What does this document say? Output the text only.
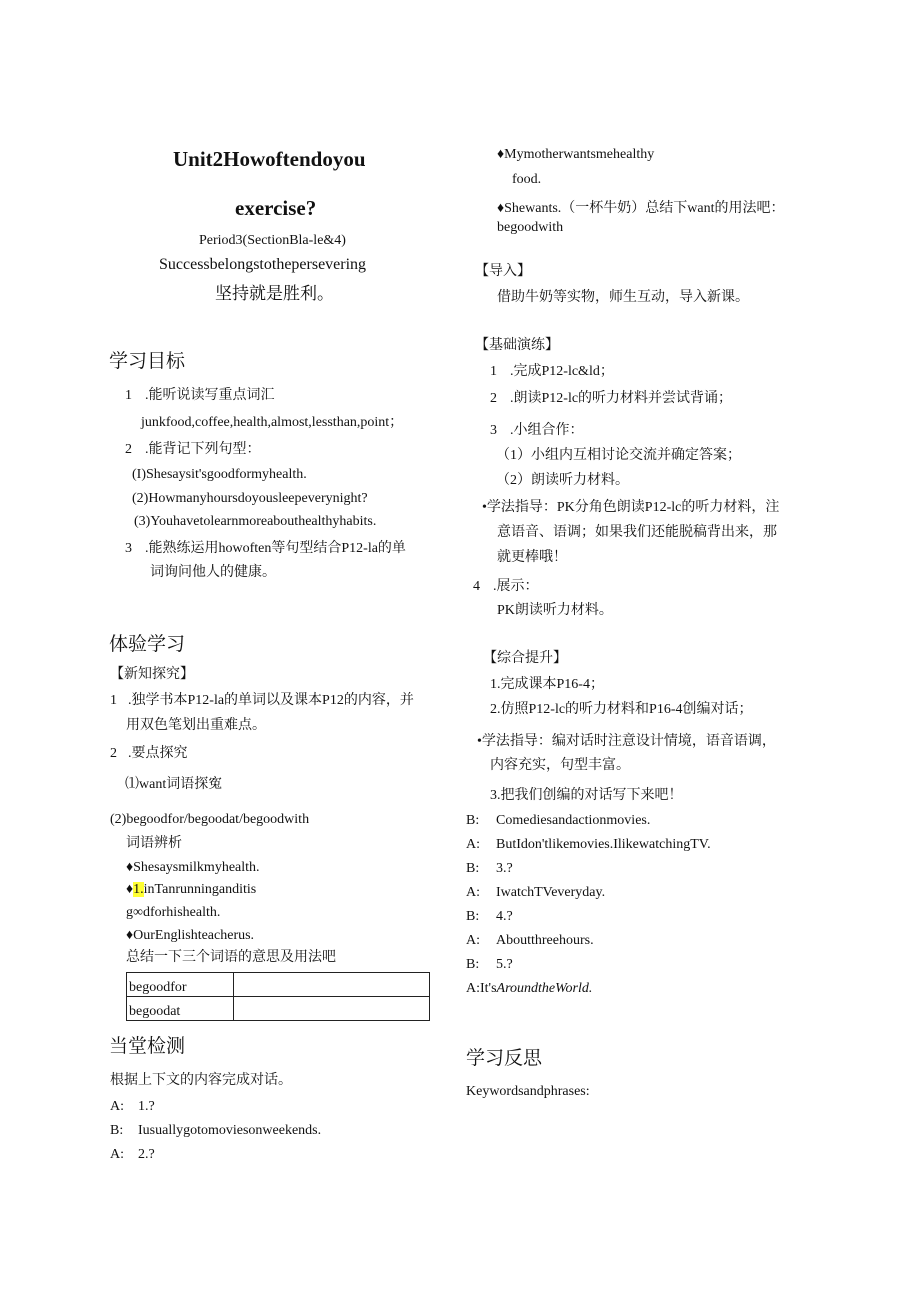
Unit2Howoftendoyou
exercise?
Period3(SectionBla-le&4)
Successbelongstothepersevering
坚持就是胜利。
学习目标
1 .能听说读写重点词汇
junkfood,coffee,health,almost,lessthan,point；
2 .能背记下列句型：
(I)Shesaysit'sgoodformyhealth.
(2)Howmanyhoursdoyousleepeverynight?
(3)Youhavetolearnmoreabouthealthyhabits.
3 .能熟练运用howoften等句型结合P12-la的单
词询问他人的健康。
体验学习
【新知探究】
1 .独学书本P12-la的单词以及课本P12的内容，并
用双色笔划出重难点。
2 .要点探究
⑴want词语探寃
(2)begoodfor/begoodat/begoodwith
词语辨析
♦Shesaysmilkmyhealth.
♦1.inTanrunninganditis
g∞dforhishealth.
♦OurEnglishteacherus.
总结一下三个词语的意思及用法吧
begoodfor	
begoodat	
当堂检测
根据上下文的内容完成对话。
A: 1.?
B: Iusuallygotomoviesonweekends.
A: 2.?
♦Mymotherwantsmehealthy
food.
♦Shewants.（一杯牛奶）总结下want的用法吧：
begoodwith
【导入】
借助牛奶等实物，师生互动，导入新课。
【基础演练】
1 .完成P12-lc&ld；
2 .朗读P12-lc的听力材料并尝试背诵；
3 .小组合作：
（1）小组内互相讨论交流并确定答案；
（2）朗读听力材料。
•学法指导：PK分角色朗读P12-lc的听力材料，注
意语音、语调；如果我们还能脱稿背出来，那
就更棒哦！
4 .展示：
PK朗读听力材料。
【综合提升】
1.完成课本P16-4；
2.仿照P12-lc的听力材料和P16-4创编对话；
•学法指导：编对话时注意设计情境，语音语调，
内容充实，句型丰富。
3.把我们创编的对话写下来吧！
B: Comediesandactionmovies.
A: ButIdon'tlikemovies.IlikewatchingTV.
B: 3.?
A: IwatchTVeveryday.
B: 4.?
A: Aboutthreehours.
B: 5.?
A:It'sAroundtheWorld.
学习反思
Keywordsandphrases:
